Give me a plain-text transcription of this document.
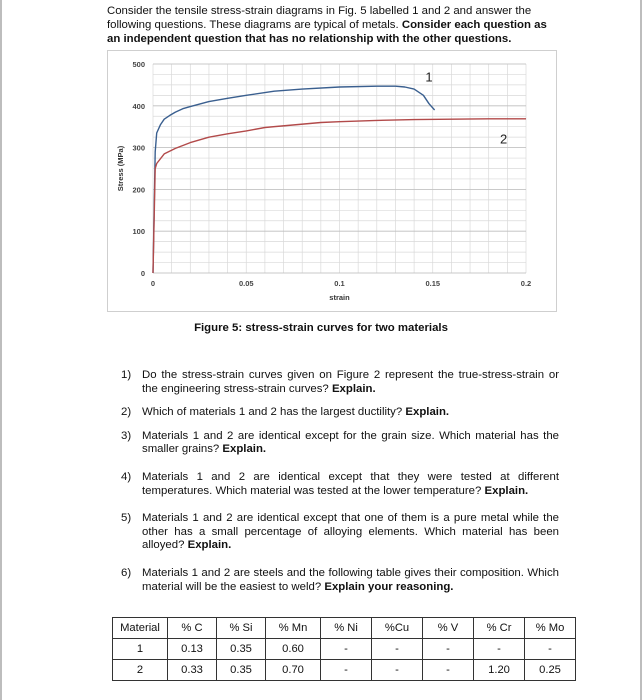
Consider the tensile stress-strain diagrams in Fig. 5 labelled 1 and 2 and answer the following questions. These diagrams are typical of metals. Consider each question as an independent question that has no relationship with the other questions.
0
100
200
300
400
500
0	0.05	0.1	0.15	0.2
strain
Stress (MPa)
1
2
Figure 5: stress-strain curves for two materials
1) Do the stress-strain curves given on Figure 2 represent the true-stress-strain or the engineering stress-strain curves? Explain.
2) Which of materials 1 and 2 has the largest ductility? Explain.
3) Materials 1 and 2 are identical except for the grain size. Which material has the smaller grains? Explain.
4) Materials 1 and 2 are identical except that they were tested at different temperatures. Which material was tested at the lower temperature? Explain.
5) Materials 1 and 2 are identical except that one of them is a pure metal while the other has a small percentage of alloying elements. Which material has been alloyed? Explain.
6) Materials 1 and 2 are steels and the following table gives their composition. Which material will be the easiest to weld? Explain your reasoning.
Material	% C	% Si	% Mn	% Ni	%Cu	% V	% Cr	% Mo
1	0.13	0.35	0.60	-	-	-	-	-
2	0.33	0.35	0.70	-	-	-	1.20	0.25
